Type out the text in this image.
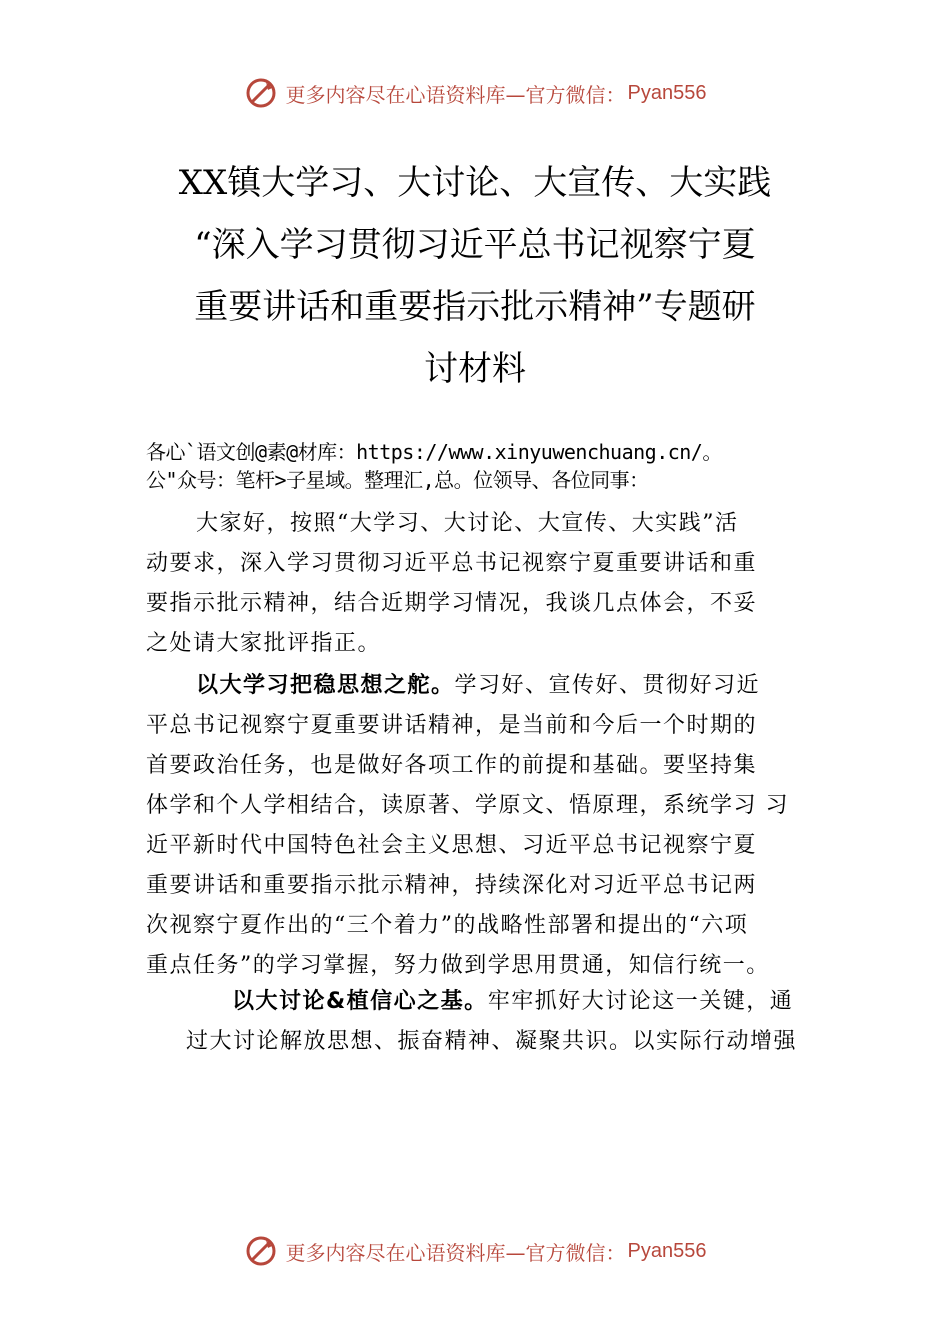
更多内容尽在心语资料库—官方微信： Pyan556
XX镇大学习、大讨论、大宣传、大实践
“深入学习贯彻习近平总书记视察宁夏
重要讲话和重要指示批示精神”专题研
讨材料
各心`语文创@素@材库：https://www.xinyuwenchuang.cn/。
公"众号：笔杆>子星域。整理汇,总。位领导、各位同事：
大家好，按照“大学习、大讨论、大宣传、大实践”活
动要求，深入学习贯彻习近平总书记视察宁夏重要讲话和重
要指示批示精神，结合近期学习情况，我谈几点体会，不妥
之处请大家批评指正。
以大学习把稳思想之舵。学习好、宣传好、贯彻好习近
平总书记视察宁夏重要讲话精神，是当前和今后一个时期的
首要政治任务，也是做好各项工作的前提和基础。要坚持集
体学和个人学相结合，读原著、学原文、悟原理，系统学习 习
近平新时代中国特色社会主义思想、习近平总书记视察宁夏
重要讲话和重要指示批示精神，持续深化对习近平总书记两
次视察宁夏作出的“三个着力”的战略性部署和提出的“六项
重点任务”的学习掌握，努力做到学思用贯通，知信行统一。
以大讨论&植信心之基。牢牢抓好大讨论这一关键，通
过大讨论解放思想、振奋精神、凝聚共识。以实际行动增强
更多内容尽在心语资料库—官方微信： Pyan556
